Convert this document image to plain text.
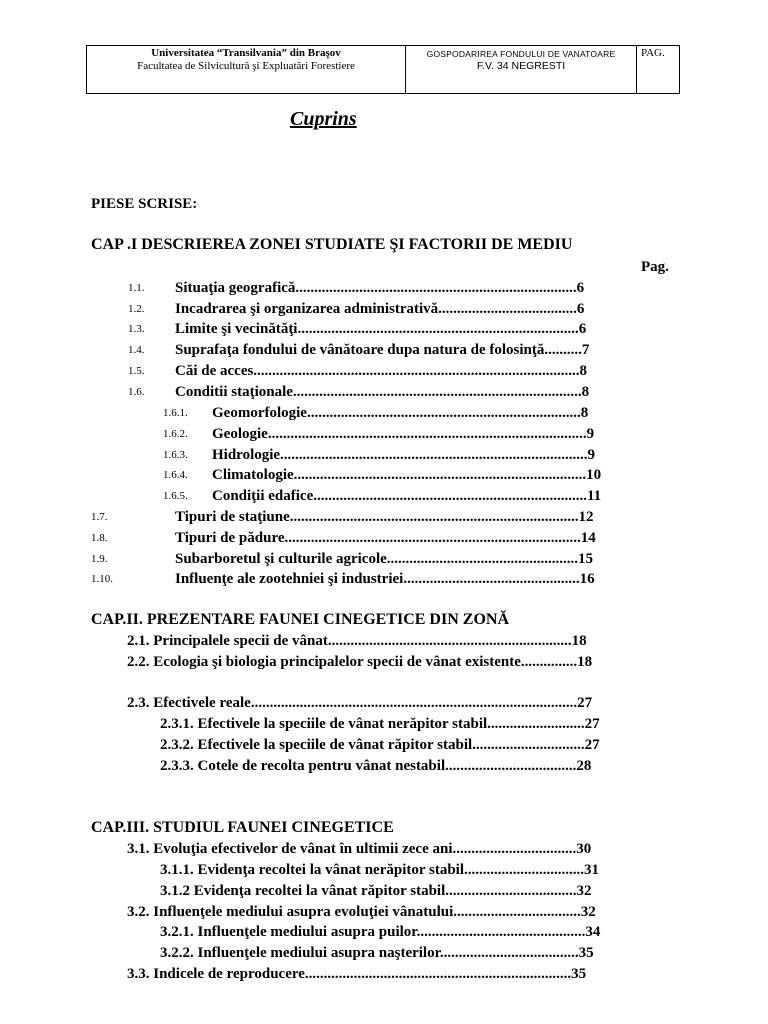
Universitatea “Transilvania” din Braşov
Facultatea de Silvicultură şi Expluatări Forestiere
GOSPODARIREA FONDULUI DE VANATOARE
F.V. 34 NEGRESTI
PAG.
Cuprins
PIESE SCRISE:
CAP .I DESCRIEREA ZONEI STUDIATE ŞI FACTORII DE MEDIU
Pag.
1.1. Situaţia geografică...........................................................................6
1.2. Incadrarea şi organizarea administrativă.....................................6
1.3. Limite şi vecinătăţi...........................................................................6
1.4. Suprafaţa fondului de vânătoare dupa natura de folosinţă..........7
1.5. Căi de acces.......................................................................................8
1.6. Conditii staţionale.............................................................................8
1.6.1. Geomorfologie.........................................................................8
1.6.2. Geologie.....................................................................................9
1.6.3. Hidrologie..................................................................................9
1.6.4. Climatologie..............................................................................10
1.6.5. Condiţii edafice.........................................................................11
1.7.	Tipuri de staţiune.............................................................................12
1.8.	Tipuri de pădure...............................................................................14
1.9.	Subarboretul şi culturile agricole...................................................15
1.10.	Influenţe ale zootehniei şi industriei...............................................16
CAP.II. PREZENTARE FAUNEI CINEGETICE DIN ZONĂ
2.1. Principalele specii de vânat.................................................................18
2.2. Ecologia şi biologia principalelor specii de vânat existente...............18
2.3. Efectivele reale.......................................................................................27
2.3.1. Efectivele la speciile de vânat nerăpitor stabil..........................27
2.3.2. Efectivele la speciile de vânat răpitor stabil..............................27
2.3.3. Cotele de recolta pentru vânat nestabil...................................28
CAP.III. STUDIUL FAUNEI CINEGETICE
3.1. Evoluţia efectivelor de vânat în ultimii zece ani.................................30
3.1.1. Evidenţa recoltei la vânat nerăpitor stabil................................31
3.1.2 Evidenţa recoltei la vânat răpitor stabil...................................32
3.2. Influenţele mediului asupra evoluţiei vânatului..................................32
3.2.1. Influenţele mediului asupra puilor.............................................34
3.2.2. Influenţele mediului asupra naşterilor.....................................35
3.3. Indicele de reproducere.......................................................................35
